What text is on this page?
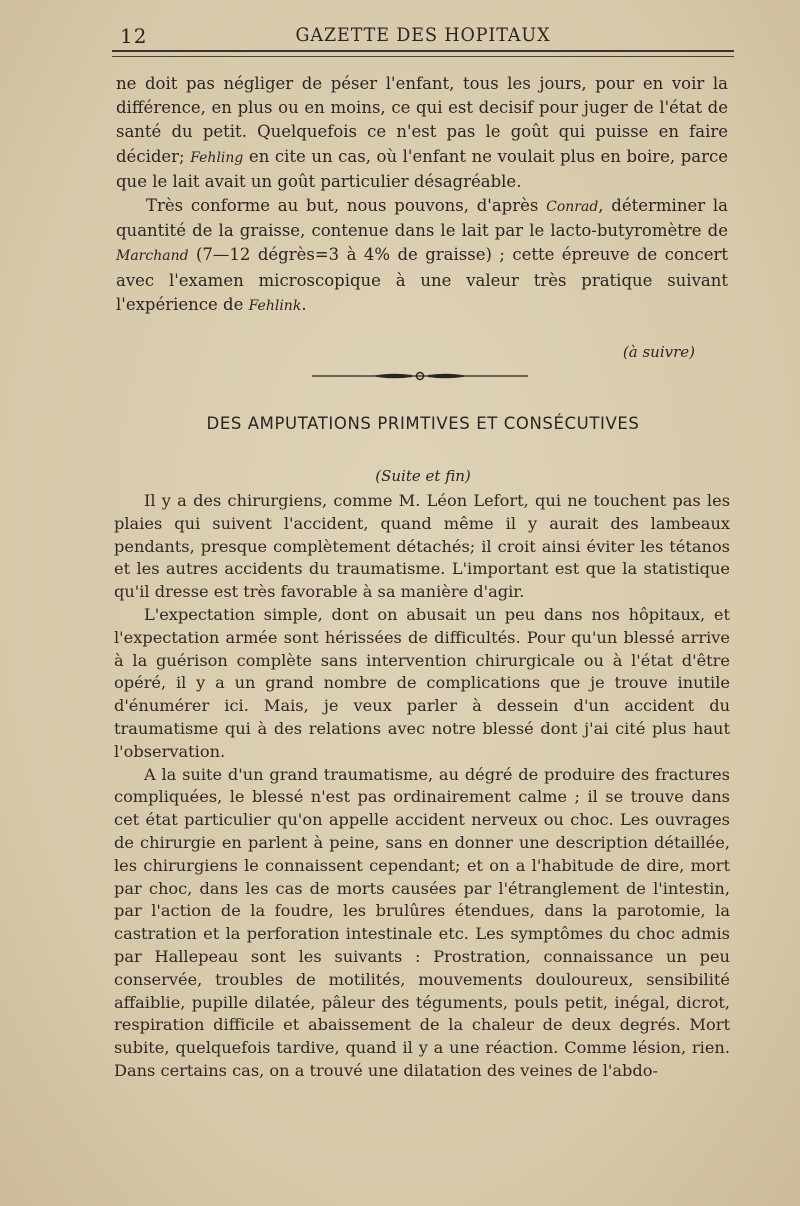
12	GAZETTE DES HOPITAUX

ne doit pas négliger de péser l'enfant, tous les jours, pour en voir la différence, en plus ou en moins, ce qui est decisif pour juger de l'état de santé du petit. Quelquefois ce n'est pas le goût qui puisse en faire décider; Fehling en cite un cas, où l'enfant ne voulait plus en boire, parce que le lait avait un goût particulier désagréable.

Très conforme au but, nous pouvons, d'après Conrad, déterminer la quantité de la graisse, contenue dans le lait par le lacto-butyromètre de Marchand (7—12 dégrès=3 à 4% de graisse) ; cette épreuve de concert avec l'examen microscopique à une valeur très pratique suivant l'expérience de Fehlink.

(à suivre)
DES AMPUTATIONS PRIMTIVES ET CONSÉCUTIVES
(Suite et fin)

Il y a des chirurgiens, comme M. Léon Lefort, qui ne touchent pas les plaies qui suivent l'accident, quand même il y aurait des lambeaux pendants, presque complètement détachés; il croit ainsi éviter les tétanos et les autres accidents du traumatisme. L'important est que la statistique qu'il dresse est très favorable à sa manière d'agir.

L'expectation simple, dont on abusait un peu dans nos hôpitaux, et l'expectation armée sont hérissées de difficultés. Pour qu'un blessé arrive à la guérison complète sans intervention chirurgicale ou à l'état d'être opéré, il y a un grand nombre de complications que je trouve inutile d'énumérer ici. Mais, je veux parler à dessein d'un accident du traumatisme qui à des relations avec notre blessé dont j'ai cité plus haut l'observation.

A la suite d'un grand traumatisme, au dégré de produire des fractures compliquées, le blessé n'est pas ordinairement calme ; il se trouve dans cet état particulier qu'on appelle accident nerveux ou choc. Les ouvrages de chirurgie en parlent à peine, sans en donner une description détaillée, les chirurgiens le connaissent cependant; et on a l'habitude de dire, mort par choc, dans les cas de morts causées par l'étranglement de l'intestin, par l'action de la foudre, les brulûres étendues, dans la parotomie, la castration et la perforation intestinale etc. Les symptômes du choc admis par Hallepeau sont les suivants : Prostration, connaissance un peu conservée, troubles de motilités, mouvements douloureux, sensibilité affaiblie, pupille dilatée, pâleur des téguments, pouls petit, inégal, dicrot, respiration difficile et abaissement de la chaleur de deux degrés. Mort subite, quelquefois tardive, quand il y a une réaction. Comme lésion, rien. Dans certains cas, on a trouvé une dilatation des veines de l'abdo-
